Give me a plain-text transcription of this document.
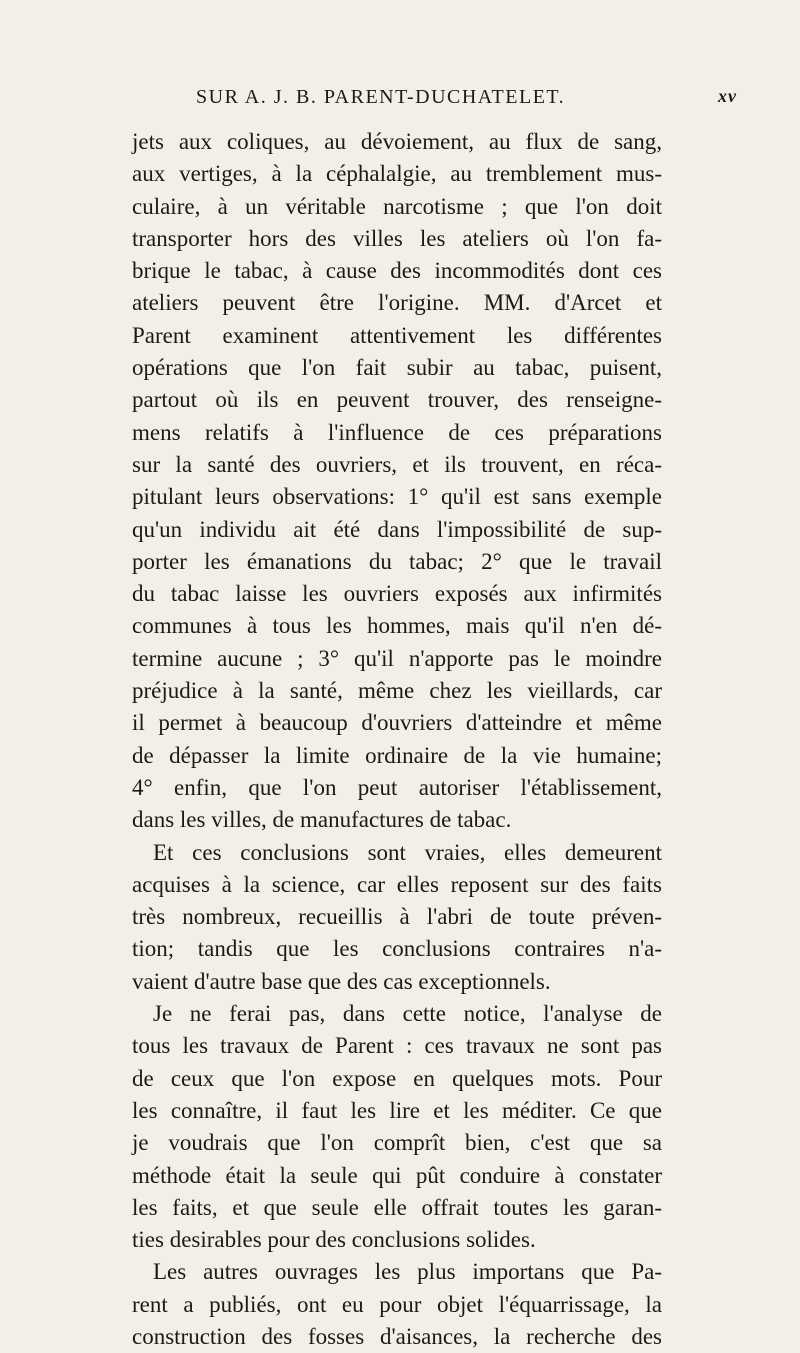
SUR A. J. B. PARENT-DUCHATELET.	xv
jets aux coliques, au dévoiement, au flux de sang,
aux vertiges, à la céphalalgie, au tremblement mus-
culaire, à un véritable narcotisme ; que l'on doit
transporter hors des villes les ateliers où l'on fa-
brique le tabac, à cause des incommodités dont ces
ateliers peuvent être l'origine. MM. d'Arcet et
Parent examinent attentivement les différentes
opérations que l'on fait subir au tabac, puisent,
partout où ils en peuvent trouver, des renseigne-
mens relatifs à l'influence de ces préparations
sur la santé des ouvriers, et ils trouvent, en réca-
pitulant leurs observations: 1° qu'il est sans exemple
qu'un individu ait été dans l'impossibilité de sup-
porter les émanations du tabac; 2° que le travail
du tabac laisse les ouvriers exposés aux infirmités
communes à tous les hommes, mais qu'il n'en dé-
termine aucune ; 3° qu'il n'apporte pas le moindre
préjudice à la santé, même chez les vieillards, car
il permet à beaucoup d'ouvriers d'atteindre et même
de dépasser la limite ordinaire de la vie humaine;
4° enfin, que l'on peut autoriser l'établissement,
dans les villes, de manufactures de tabac.
Et ces conclusions sont vraies, elles demeurent
acquises à la science, car elles reposent sur des faits
très nombreux, recueillis à l'abri de toute préven-
tion; tandis que les conclusions contraires n'a-
vaient d'autre base que des cas exceptionnels.
Je ne ferai pas, dans cette notice, l'analyse de
tous les travaux de Parent : ces travaux ne sont pas
de ceux que l'on expose en quelques mots. Pour
les connaître, il faut les lire et les méditer. Ce que
je voudrais que l'on comprît bien, c'est que sa
méthode était la seule qui pût conduire à constater
les faits, et que seule elle offrait toutes les garan-
ties desirables pour des conclusions solides.
Les autres ouvrages les plus importans que Pa-
rent a publiés, ont eu pour objet l'équarrissage, la
construction des fosses d'aisances, la recherche des
